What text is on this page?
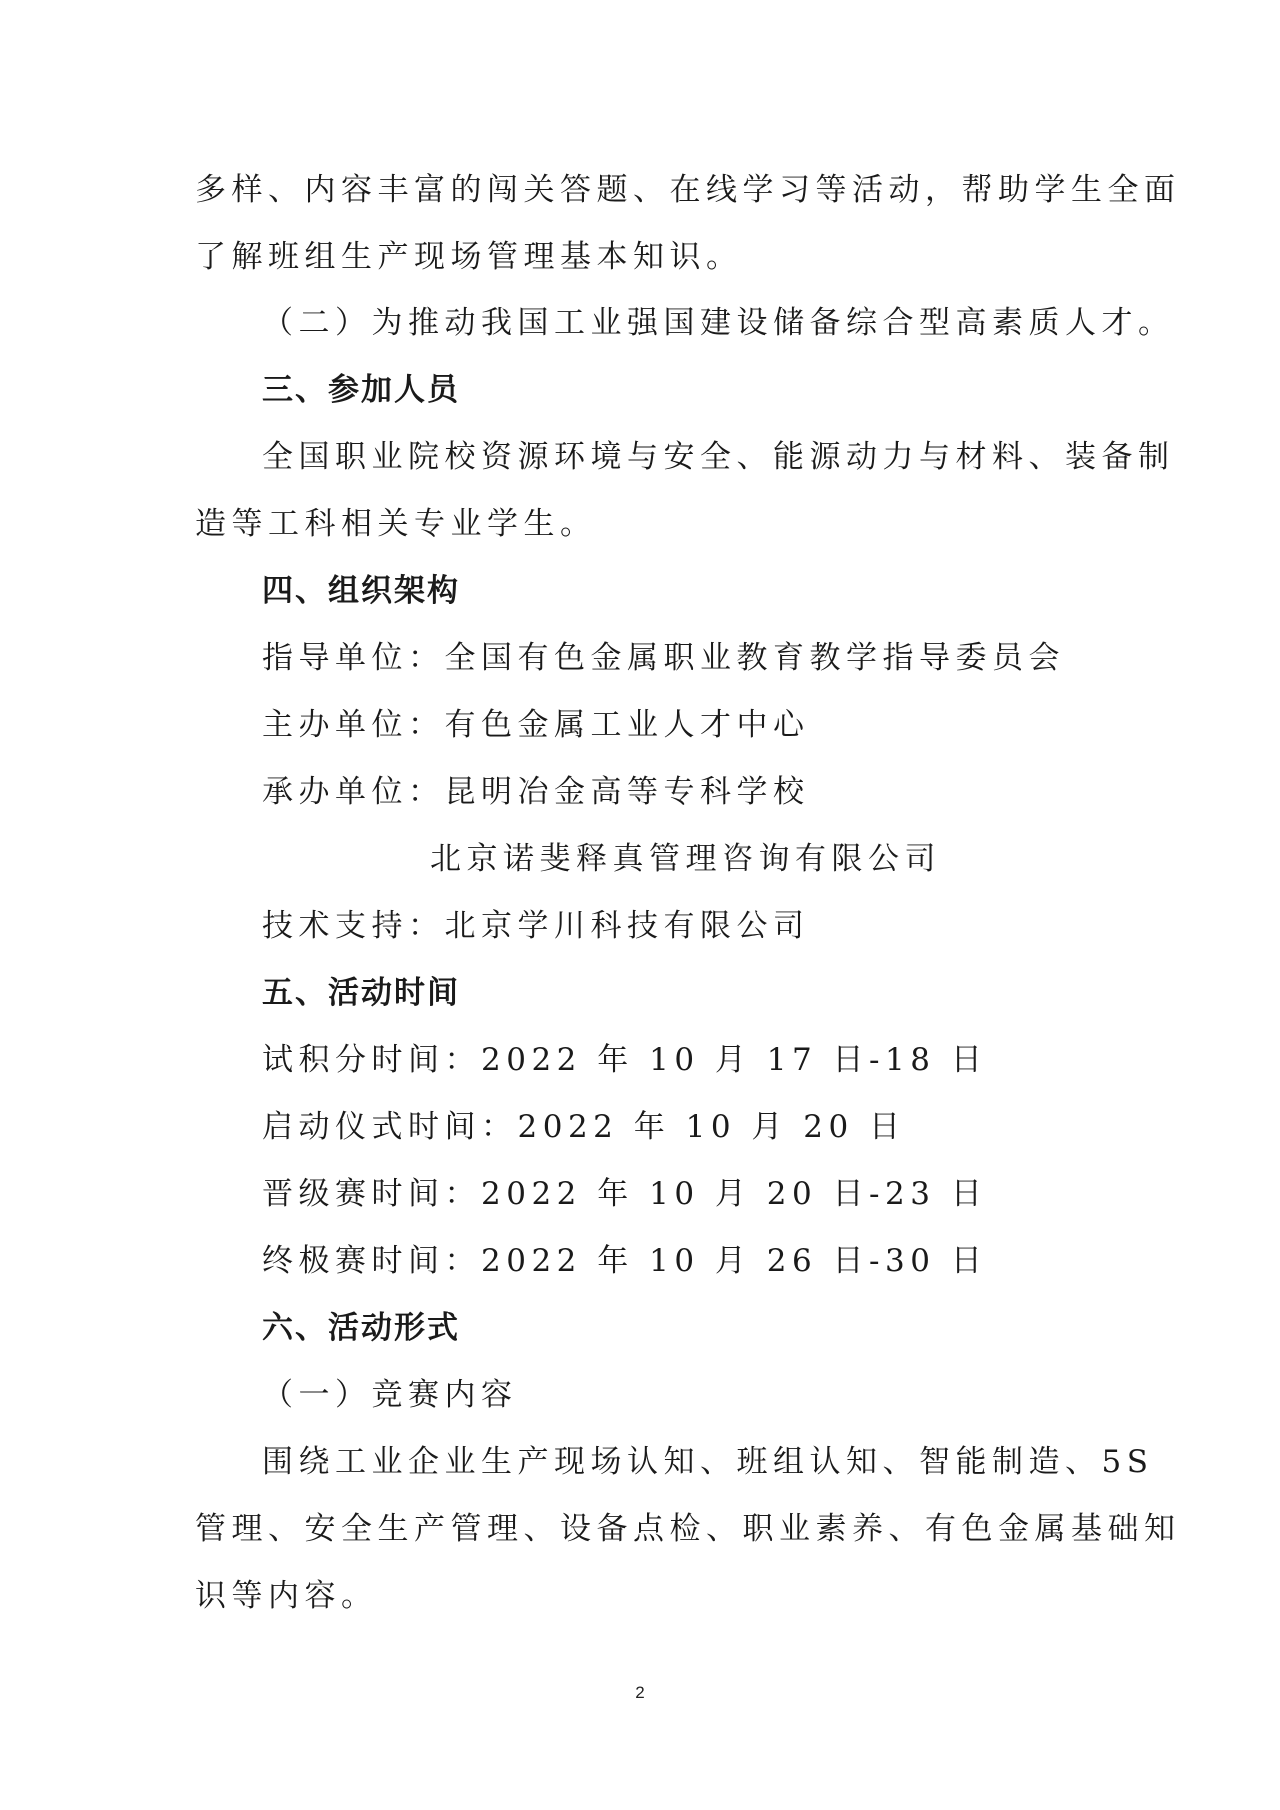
多样、内容丰富的闯关答题、在线学习等活动，帮助学生全面
了解班组生产现场管理基本知识。
（二）为推动我国工业强国建设储备综合型高素质人才。
三、参加人员
全国职业院校资源环境与安全、能源动力与材料、装备制
造等工科相关专业学生。
四、组织架构
指导单位：全国有色金属职业教育教学指导委员会
主办单位：有色金属工业人才中心
承办单位：昆明冶金高等专科学校
北京诺斐释真管理咨询有限公司
技术支持：北京学川科技有限公司
五、活动时间
试积分时间：2022 年 10 月 17 日-18 日
启动仪式时间：2022 年 10 月 20 日
晋级赛时间：2022 年 10 月 20 日-23 日
终极赛时间：2022 年 10 月 26 日-30 日
六、活动形式
（一）竞赛内容
围绕工业企业生产现场认知、班组认知、智能制造、5S
管理、安全生产管理、设备点检、职业素养、有色金属基础知
识等内容。
2
